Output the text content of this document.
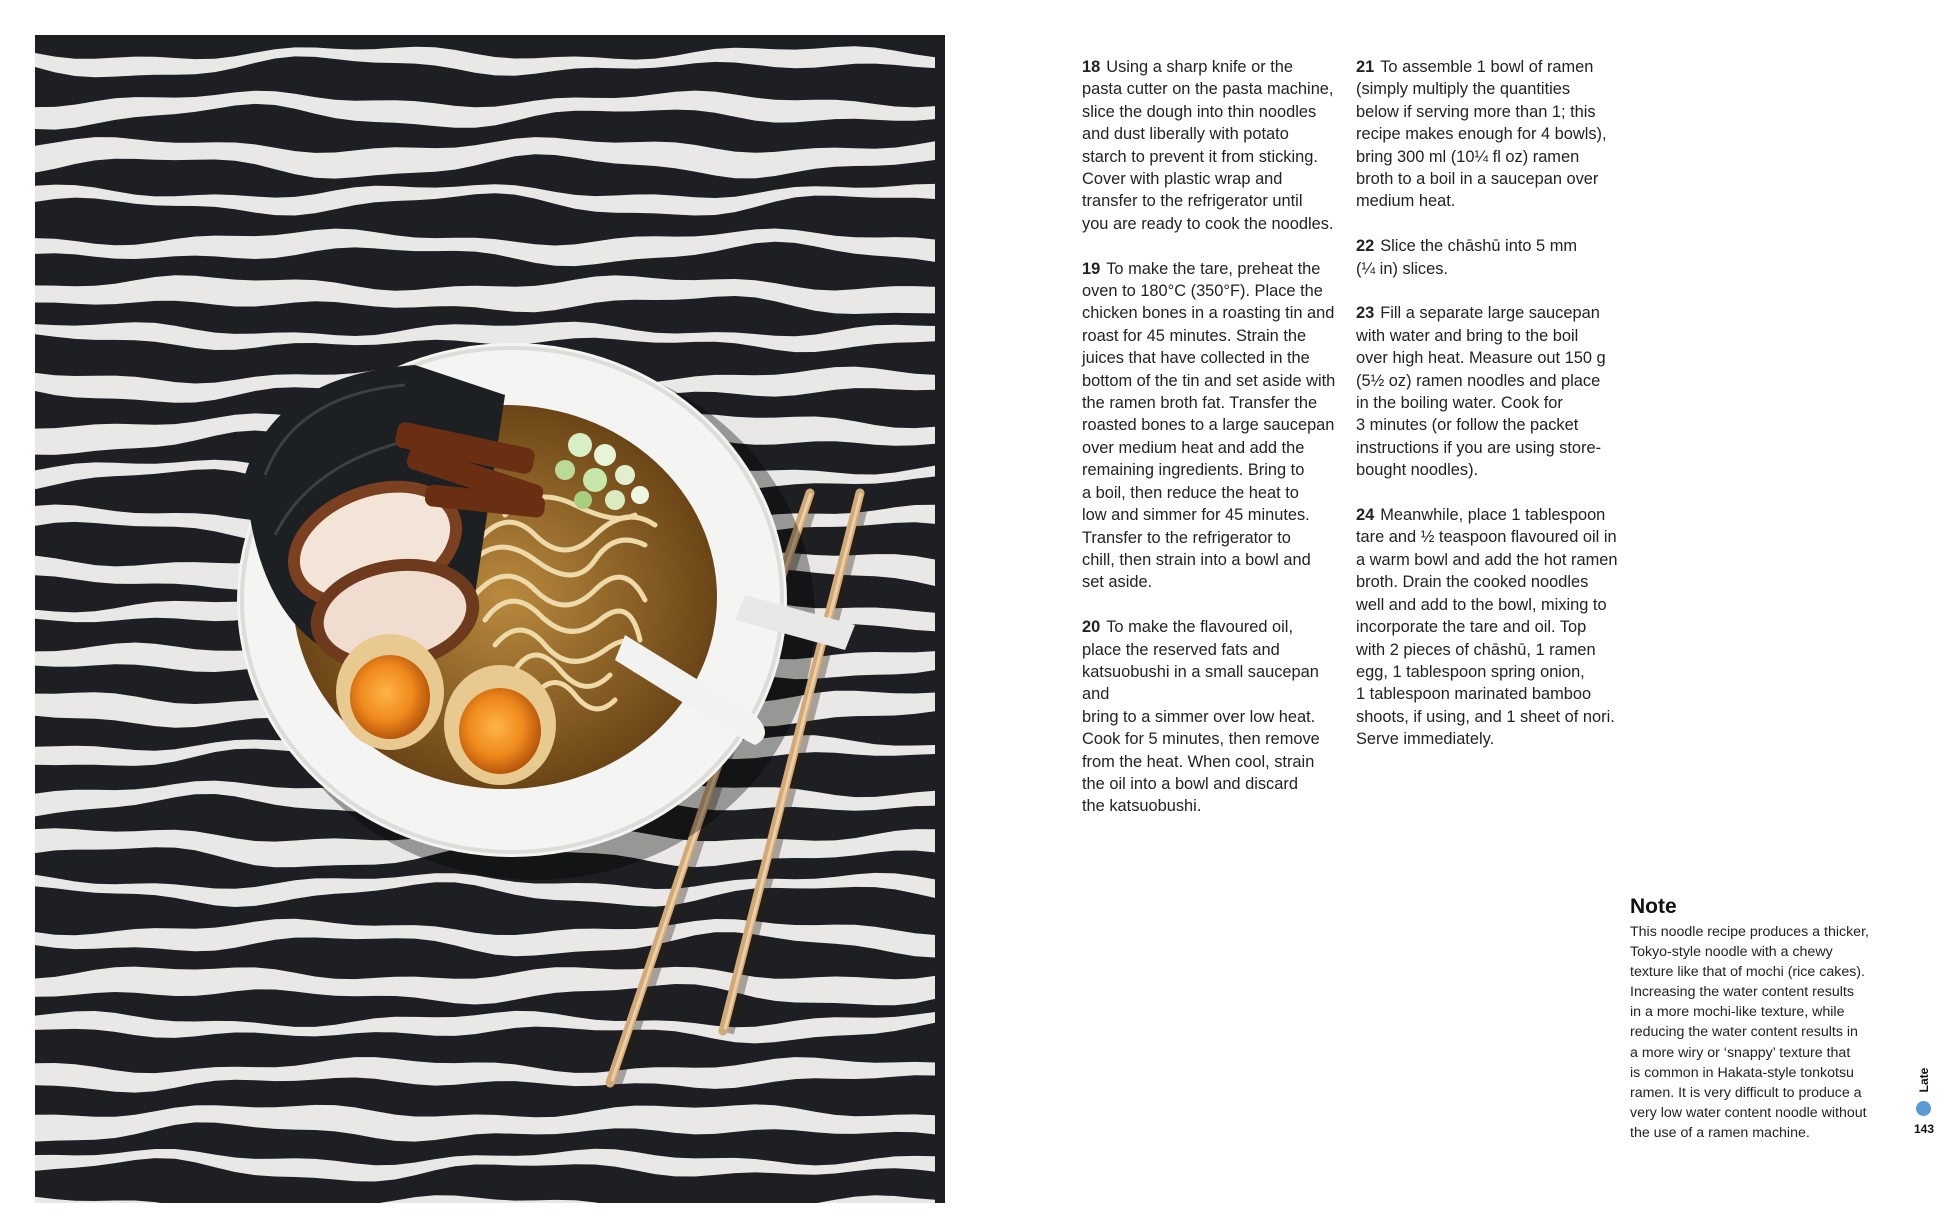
18 Using a sharp knife or the
pasta cutter on the pasta machine,
slice the dough into thin noodles
and dust liberally with potato
starch to prevent it from sticking.
Cover with plastic wrap and
transfer to the refrigerator until
you are ready to cook the noodles.

19 To make the tare, preheat the
oven to 180°C (350°F). Place the
chicken bones in a roasting tin and
roast for 45 minutes. Strain the
juices that have collected in the
bottom of the tin and set aside with
the ramen broth fat. Transfer the
roasted bones to a large saucepan
over medium heat and add the
remaining ingredients. Bring to
a boil, then reduce the heat to
low and simmer for 45 minutes.
Transfer to the refrigerator to
chill, then strain into a bowl and
set aside.

20 To make the flavoured oil,
place the reserved fats and
katsuobushi in a small saucepan and
bring to a simmer over low heat.
Cook for 5 minutes, then remove
from the heat. When cool, strain
the oil into a bowl and discard
the katsuobushi.

21 To assemble 1 bowl of ramen
(simply multiply the quantities
below if serving more than 1; this
recipe makes enough for 4 bowls),
bring 300 ml (10¼ fl oz) ramen
broth to a boil in a saucepan over
medium heat.

22 Slice the chāshū into 5 mm
(¼ in) slices.

23 Fill a separate large saucepan
with water and bring to the boil
over high heat. Measure out 150 g
(5½ oz) ramen noodles and place
in the boiling water. Cook for
3 minutes (or follow the packet
instructions if you are using store-
bought noodles).

24 Meanwhile, place 1 tablespoon
tare and ½ teaspoon flavoured oil in
a warm bowl and add the hot ramen
broth. Drain the cooked noodles
well and add to the bowl, mixing to
incorporate the tare and oil. Top
with 2 pieces of chāshū, 1 ramen
egg, 1 tablespoon spring onion,
1 tablespoon marinated bamboo
shoots, if using, and 1 sheet of nori.
Serve immediately.

Note

This noodle recipe produces a thicker,
Tokyo-style noodle with a chewy
texture like that of mochi (rice cakes).
Increasing the water content results
in a more mochi-like texture, while
reducing the water content results in
a more wiry or ‘snappy’ texture that
is common in Hakata-style tonkotsu
ramen. It is very difficult to produce a
very low water content noodle without
the use of a ramen machine.

Late
143
